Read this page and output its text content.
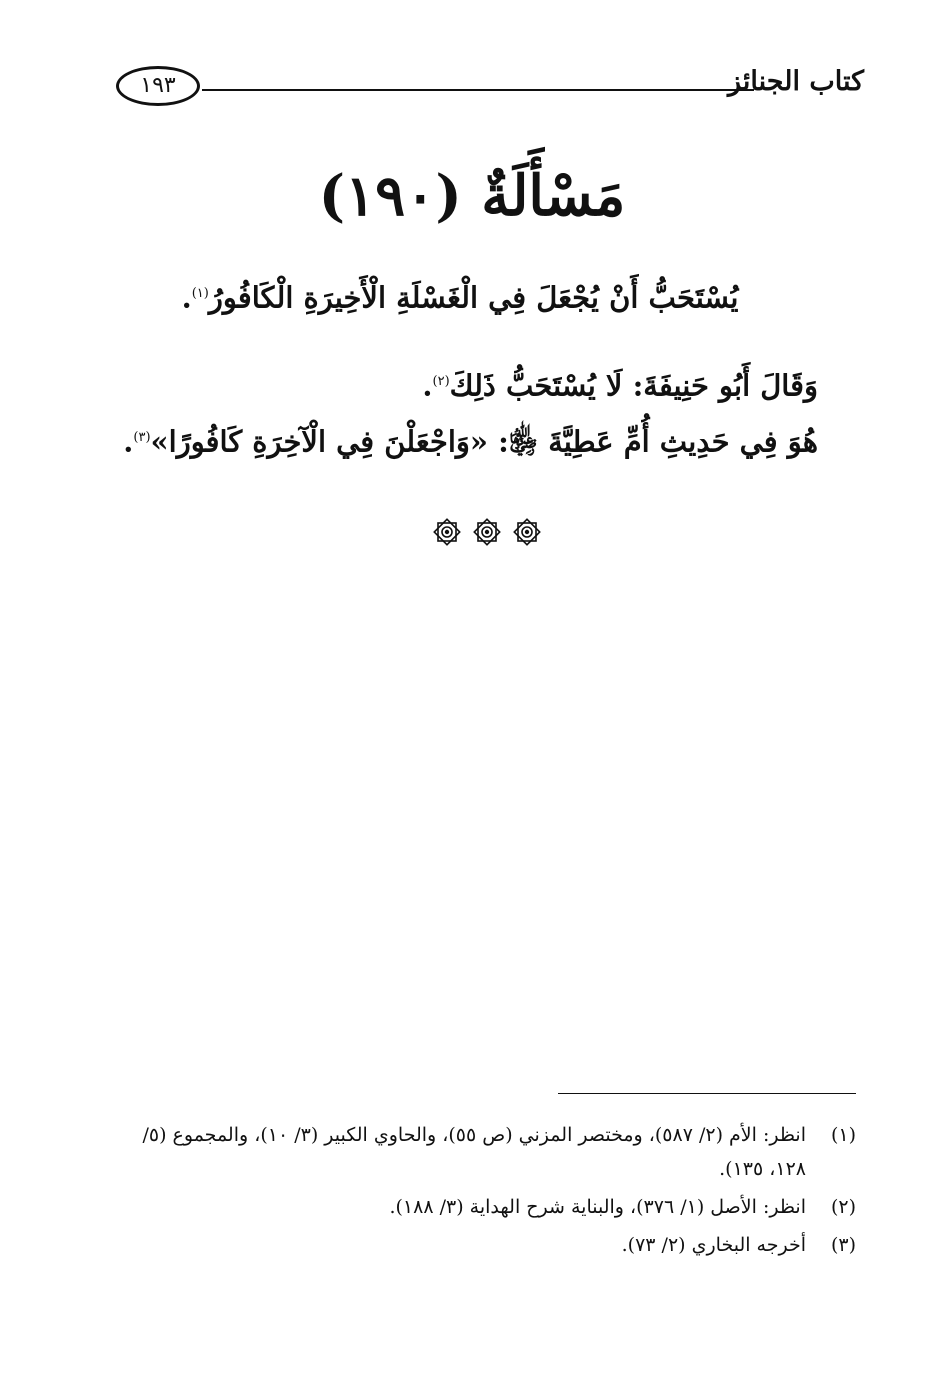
كتاب الجنائز
١٩٣
مَسْأَلَةٌ (١٩٠)
يُسْتَحَبُّ أَنْ يُجْعَلَ فِي الْغَسْلَةِ الْأَخِيرَةِ الْكَافُورُ$^{(١)}$.
وَقَالَ أَبُو حَنِيفَةَ: لَا يُسْتَحَبُّ ذَلِكَ$^{(٢)}$.
هُوَ فِي حَدِيثِ أُمِّ عَطِيَّةَ ﵂: «وَاجْعَلْنَ فِي الْآخِرَةِ كَافُورًا»$^{(٣)}$.
(١)
انظر: الأم (٢/ ٥٨٧)، ومختصر المزني (ص ٥٥)، والحاوي الكبير (٣/ ١٠)، والمجموع (٥/ ١٢٨، ١٣٥).
(٢)
انظر: الأصل (١/ ٣٧٦)، والبناية شرح الهداية (٣/ ١٨٨).
(٣)
أخرجه البخاري (٢/ ٧٣).
